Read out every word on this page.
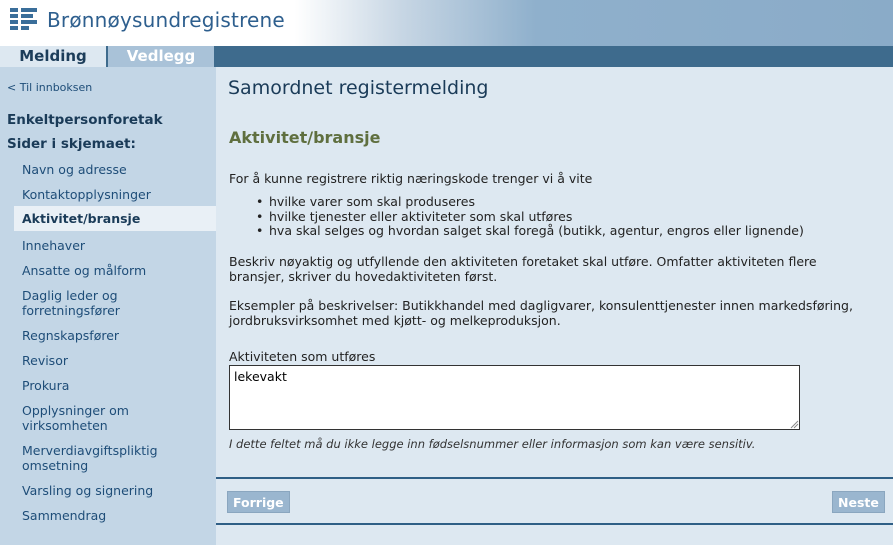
Brønnøysundregistrene
Melding	Vedlegg
< Til innboksen
Enkeltpersonforetak
Sider i skjemaet:
Navn og adresse
Kontaktopplysninger
Aktivitet/bransje
Innehaver
Ansatte og målform
Daglig leder og forretningsfører
Regnskapsfører
Revisor
Prokura
Opplysninger om virksomheten
Merverdiavgiftspliktig omsetning
Varsling og signering
Sammendrag
Samordnet registermelding
Aktivitet/bransje
For å kunne registrere riktig næringskode trenger vi å vite
• hvilke varer som skal produseres
• hvilke tjenester eller aktiviteter som skal utføres
• hva skal selges og hvordan salget skal foregå (butikk, agentur, engros eller lignende)
Beskriv nøyaktig og utfyllende den aktiviteten foretaket skal utføre. Omfatter aktiviteten flere bransjer, skriver du hovedaktiviteten først.
Eksempler på beskrivelser: Butikkhandel med dagligvarer, konsulenttjenester innen markedsføring, jordbruksvirksomhet med kjøtt- og melkeproduksjon.
Aktiviteten som utføres
lekevakt
I dette feltet må du ikke legge inn fødselsnummer eller informasjon som kan være sensitiv.
Forrige	Neste
